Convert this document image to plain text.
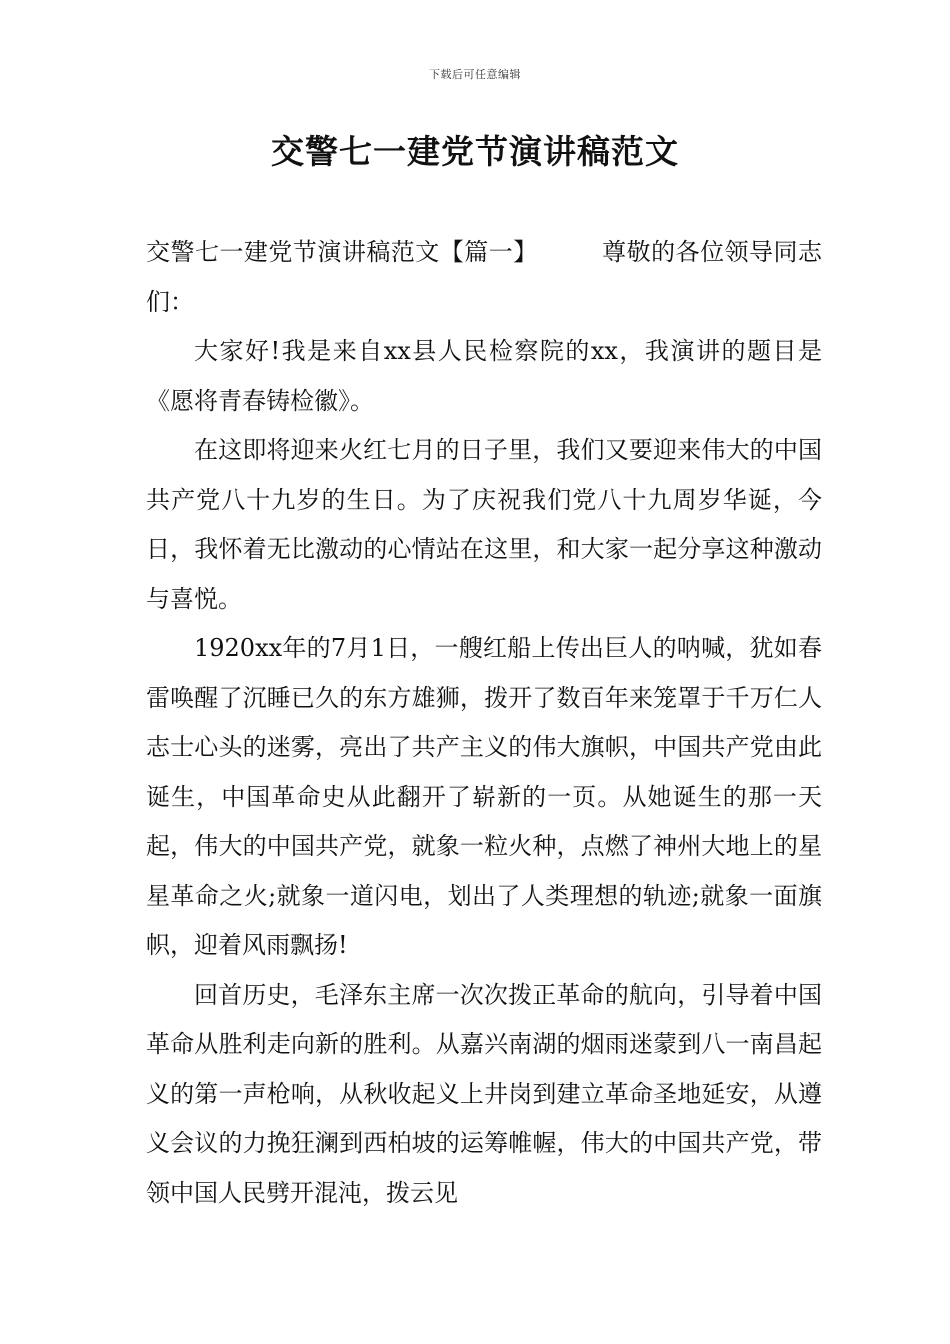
下载后可任意编辑
交警七一建党节演讲稿范文

交警七一建党节演讲稿范文【篇一】	尊敬的各位领导同志们：

大家好!我是来自xx县人民检察院的xx，我演讲的题目是《愿将青春铸检徽》。

在这即将迎来火红七月的日子里，我们又要迎来伟大的中国共产党八十九岁的生日。为了庆祝我们党八十九周岁华诞，今日，我怀着无比激动的心情站在这里，和大家一起分享这种激动与喜悦。

1920xx年的7月1日，一艘红船上传出巨人的呐喊，犹如春雷唤醒了沉睡已久的东方雄狮，拨开了数百年来笼罩于千万仁人志士心头的迷雾，亮出了共产主义的伟大旗帜，中国共产党由此诞生，中国革命史从此翻开了崭新的一页。从她诞生的那一天起，伟大的中国共产党，就象一粒火种，点燃了神州大地上的星星革命之火;就象一道闪电，划出了人类理想的轨迹;就象一面旗帜，迎着风雨飘扬!

回首历史，毛泽东主席一次次拨正革命的航向，引导着中国革命从胜利走向新的胜利。从嘉兴南湖的烟雨迷蒙到八一南昌起义的第一声枪响，从秋收起义上井岗到建立革命圣地延安，从遵义会议的力挽狂澜到西柏坡的运筹帷幄，伟大的中国共产党，带领中国人民劈开混沌，拨云见
